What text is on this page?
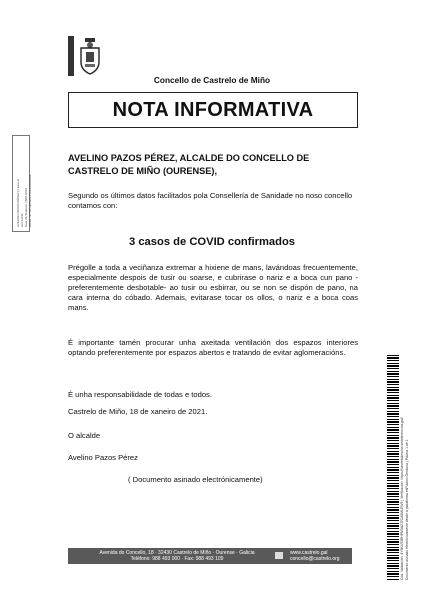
Concello de Castrelo de Miño
NOTA INFORMATIVA
AVELINO PAZOS PÉREZ (1 para 1) ALCALDE Data de Sinatura: 18/01/2021 HASH: 5c7b51d0f5e0b14a4d0c0d10b9
AVELINO PAZOS PÉREZ, ALCALDE DO CONCELLO DE CASTRELO DE MIÑO (OURENSE),
Segundo os últimos datos facilitados pola Consellería de Sanidade no noso concello contamos con:
3 casos de COVID confirmados
Prégolle a toda a veciñanza extremar a hixiene de mans, lavándoas frecuentemente, especialmente despois de tusir ou soarse, e cubrirase o nariz e a boca cun pano -preferentemente desbotable- ao tusir ou esbirrar, ou se non se dispón de pano, na cara interna do cóbado. Ademais, evitarase tocar os ollos, o nariz e a boca coas mans.
É importante tamén procurar unha axeitada ventilación dos espazos interiores optando preferentemente por espazos abertos e tratando de evitar aglomeracións.
É unha responsabilidade de todas e todos.
Castrelo de Miño, 18 de xaneiro de 2021.
O alcalde
Avelino Pazos Pérez
( Documento asinado electrónicamente)
Avenida do Concello, 18 · 32430 Castrelo de Miño · Ourense · Galicia
Teléfono: 988 493 000 · Fax: 988 493 109
www.castrelo.gal
concello@castrelo.org	Cód. Validación: 4Y5KLR3RHPM9AZJ7CA5MLEW9 | Verificación: https://castrelodemino.sedelectronica.gal/ Documento asinado electrónicamente desde a plataforma esPublico Gestiona | Páxina 1 de 1
